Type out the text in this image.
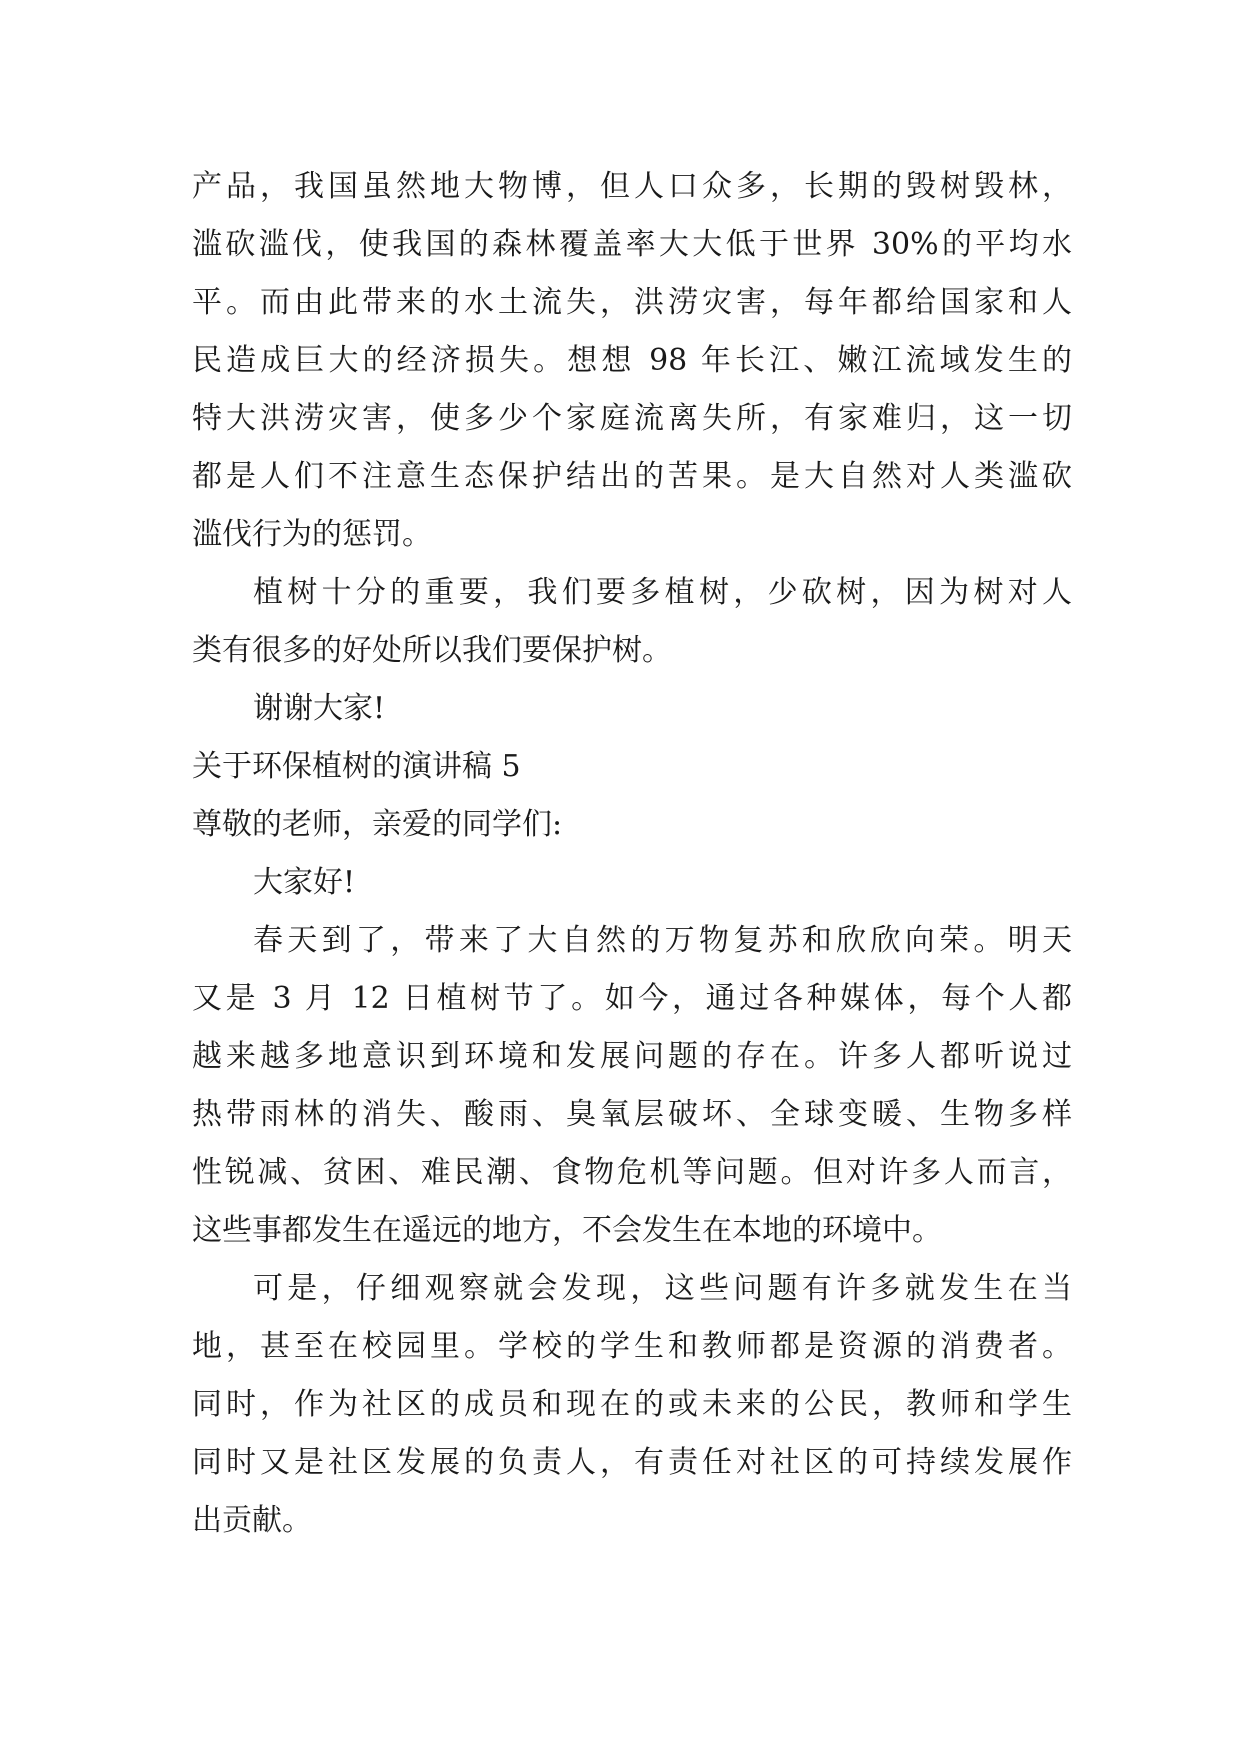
产品，我国虽然地大物博，但人口众多，长期的毁树毁林，
滥砍滥伐，使我国的森林覆盖率大大低于世界 30%的平均水
平。而由此带来的水土流失，洪涝灾害，每年都给国家和人
民造成巨大的经济损失。想想 98 年长江、嫩江流域发生的
特大洪涝灾害，使多少个家庭流离失所，有家难归，这一切
都是人们不注意生态保护结出的苦果。是大自然对人类滥砍
滥伐行为的惩罚。
植树十分的重要，我们要多植树，少砍树，因为树对人
类有很多的好处所以我们要保护树。
谢谢大家!
关于环保植树的演讲稿 5
尊敬的老师，亲爱的同学们:
大家好!
春天到了，带来了大自然的万物复苏和欣欣向荣。明天
又是 3 月 12 日植树节了。如今，通过各种媒体，每个人都
越来越多地意识到环境和发展问题的存在。许多人都听说过
热带雨林的消失、酸雨、臭氧层破坏、全球变暖、生物多样
性锐减、贫困、难民潮、食物危机等问题。但对许多人而言，
这些事都发生在遥远的地方，不会发生在本地的环境中。
可是，仔细观察就会发现，这些问题有许多就发生在当
地，甚至在校园里。学校的学生和教师都是资源的消费者。
同时，作为社区的成员和现在的或未来的公民，教师和学生
同时又是社区发展的负责人，有责任对社区的可持续发展作
出贡献。
